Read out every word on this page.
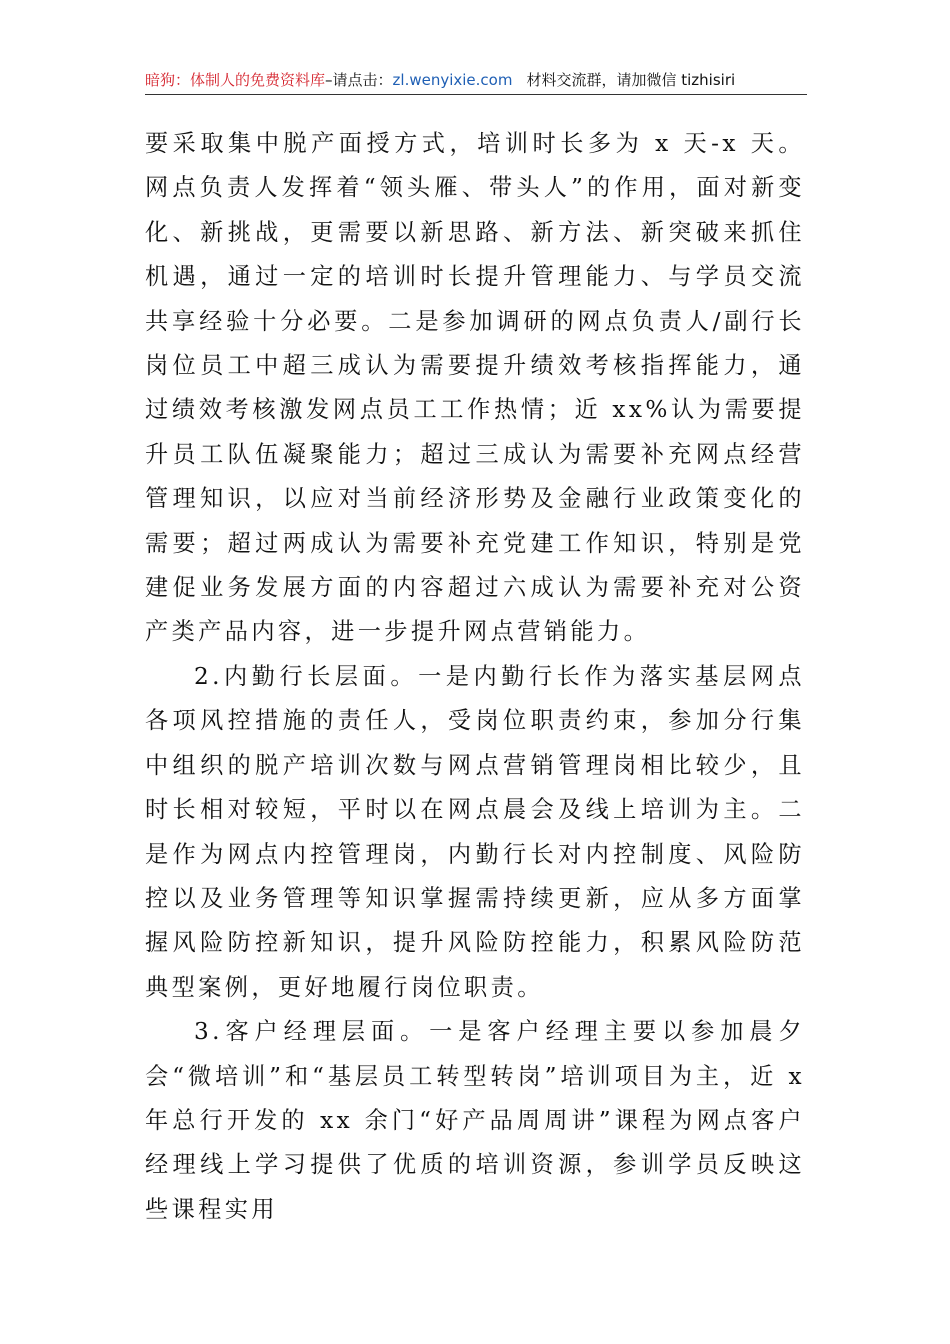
暗狗：体制人的免费资料库–请点击：zl.wenyixie.com 材料交流群，请加微信 tizhisiri

要采取集中脱产面授方式，培训时长多为 x 天-x 天。网点负责人发挥着“领头雁、带头人”的作用，面对新变化、新挑战，更需要以新思路、新方法、新突破来抓住机遇，通过一定的培训时长提升管理能力、与学员交流共享经验十分必要。二是参加调研的网点负责人/副行长岗位员工中超三成认为需要提升绩效考核指挥能力，通过绩效考核激发网点员工工作热情；近 xx%认为需要提升员工队伍凝聚能力；超过三成认为需要补充网点经营管理知识，以应对当前经济形势及金融行业政策变化的需要；超过两成认为需要补充党建工作知识，特别是党建促业务发展方面的内容超过六成认为需要补充对公资产类产品内容，进一步提升网点营销能力。

2.内勤行长层面。一是内勤行长作为落实基层网点各项风控措施的责任人，受岗位职责约束，参加分行集中组织的脱产培训次数与网点营销管理岗相比较少，且时长相对较短，平时以在网点晨会及线上培训为主。二是作为网点内控管理岗，内勤行长对内控制度、风险防控以及业务管理等知识掌握需持续更新，应从多方面掌握风险防控新知识，提升风险防控能力，积累风险防范典型案例，更好地履行岗位职责。

3.客户经理层面。一是客户经理主要以参加晨夕会“微培训”和“基层员工转型转岗”培训项目为主，近 x 年总行开发的 xx 余门“好产品周周讲”课程为网点客户经理线上学习提供了优质的培训资源，参训学员反映这些课程实用
